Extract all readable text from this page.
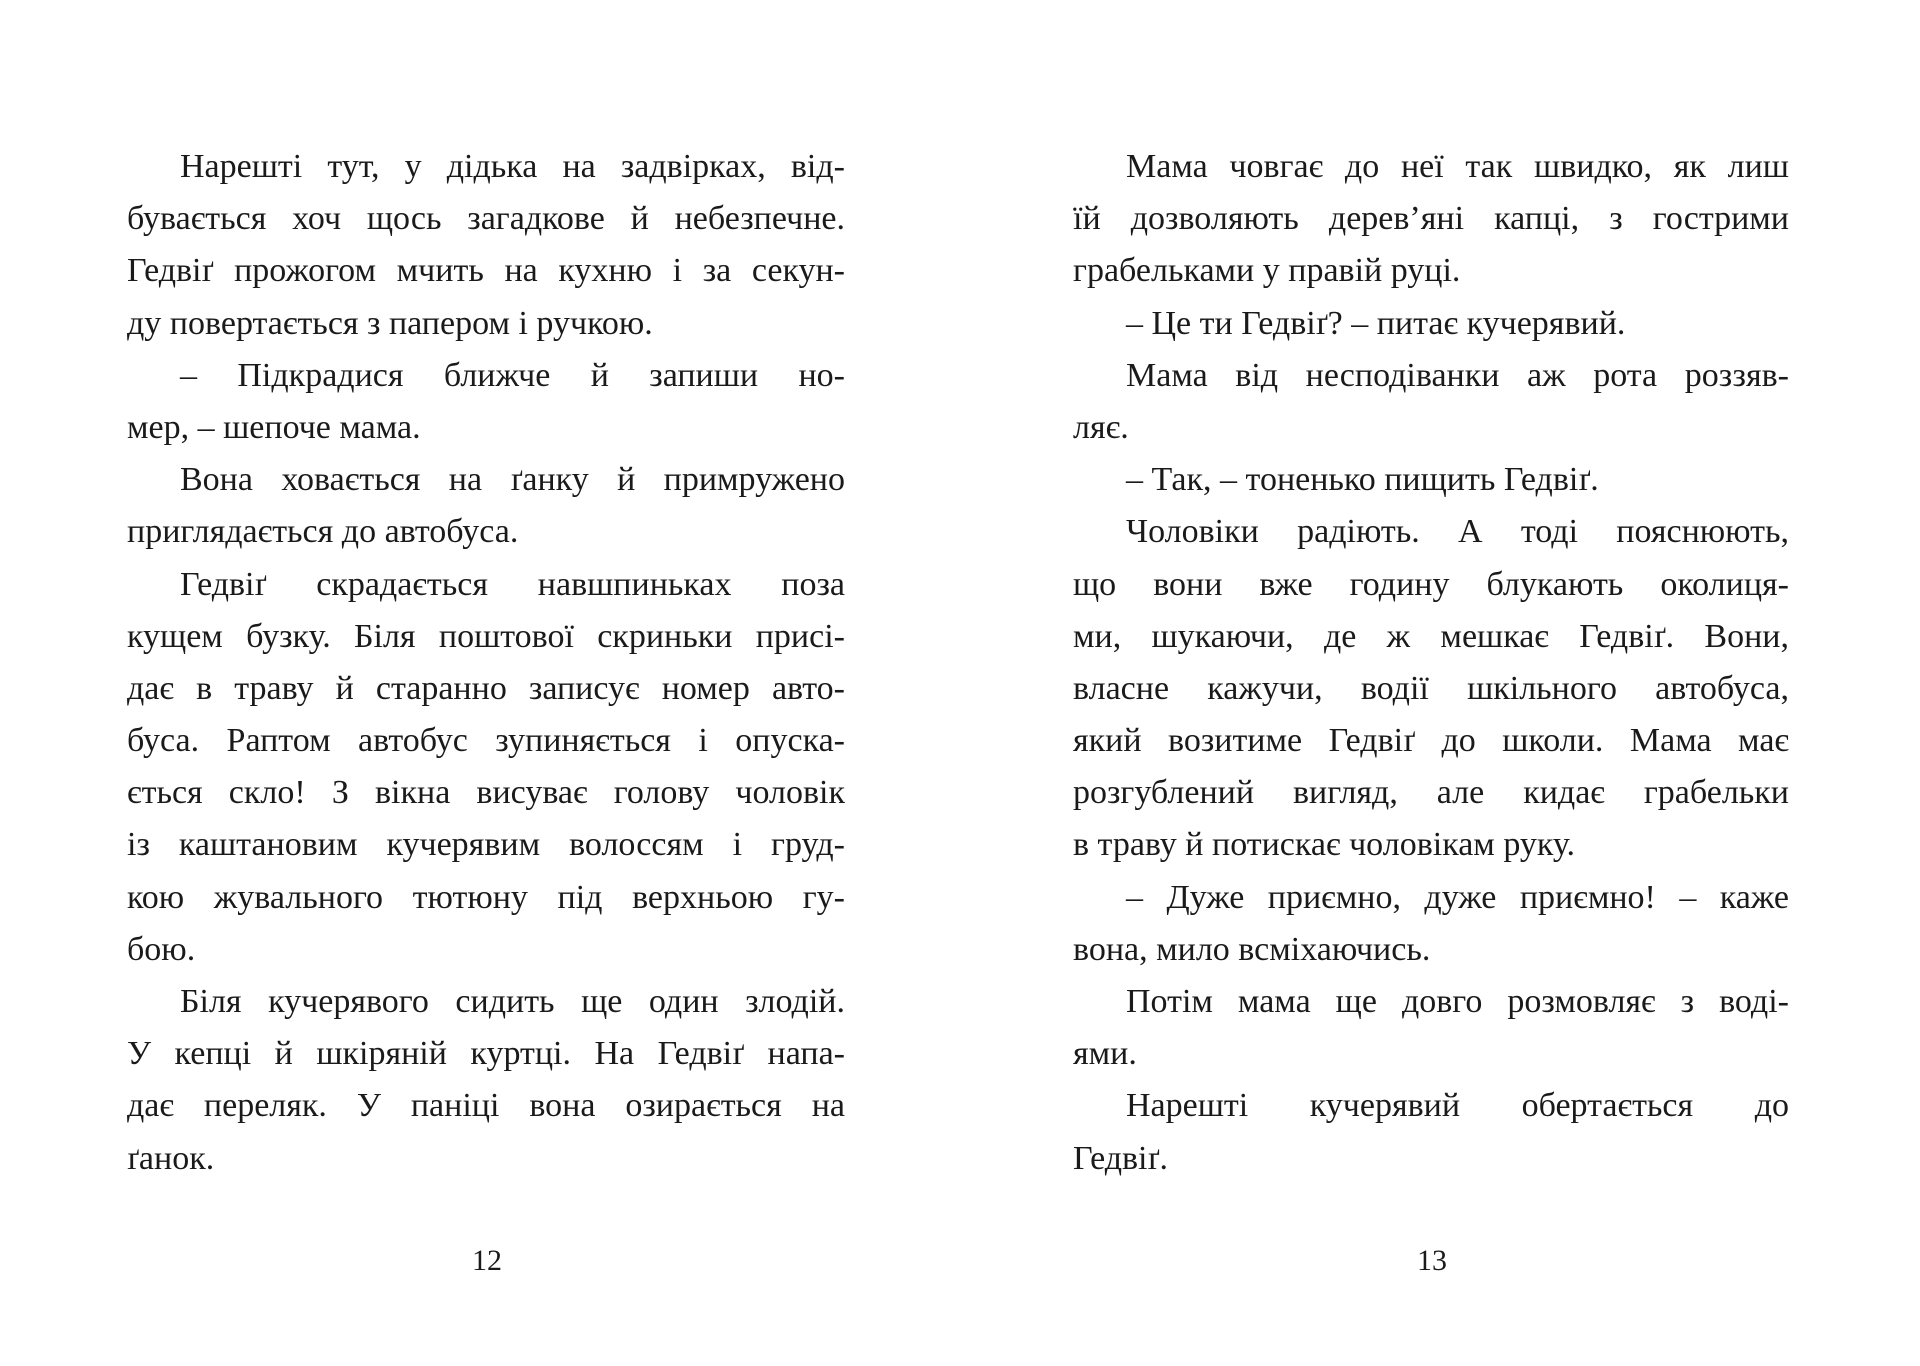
Нарешті тут, у дідька на задвірках, від-
бувається хоч щось загадкове й небезпечне.
Гедвіґ прожогом мчить на кухню і за секун-
ду повертається з папером і ручкою.
– Підкрадися ближче й запиши но-
мер, – шепоче мама.
Вона ховається на ґанку й примружено
приглядається до автобуса.
Гедвіґ скрадається навшпиньках поза
кущем бузку. Біля поштової скриньки присі-
дає в траву й старанно записує номер авто-
буса. Раптом автобус зупиняється і опуска-
ється скло! З вікна висуває голову чоловік
із каштановим кучерявим волоссям і груд-
кою жувального тютюну під верхньою гу-
бою.
Біля кучерявого сидить ще один злодій.
У кепці й шкіряній куртці. На Гедвіґ напа-
дає переляк. У паніці вона озирається на
ґанок.
12
Мама човгає до неї так швидко, як лиш
їй дозволяють дерев’яні капці, з гострими
грабельками у правій руці.
– Це ти Гедвіґ? – питає кучерявий.
Мама від несподіванки аж рота роззяв-
ляє.
– Так, – тоненько пищить Гедвіґ.
Чоловіки радіють. А тоді пояснюють,
що вони вже годину блукають околиця-
ми, шукаючи, де ж мешкає Гедвіґ. Вони,
власне кажучи, водії шкільного автобуса,
який возитиме Гедвіґ до школи. Мама має
розгублений вигляд, але кидає грабельки
в траву й потискає чоловікам руку.
– Дуже приємно, дуже приємно! – каже
вона, мило всміхаючись.
Потім мама ще довго розмовляє з воді-
ями.
Нарешті кучерявий обертається до
Гедвіґ.
13
